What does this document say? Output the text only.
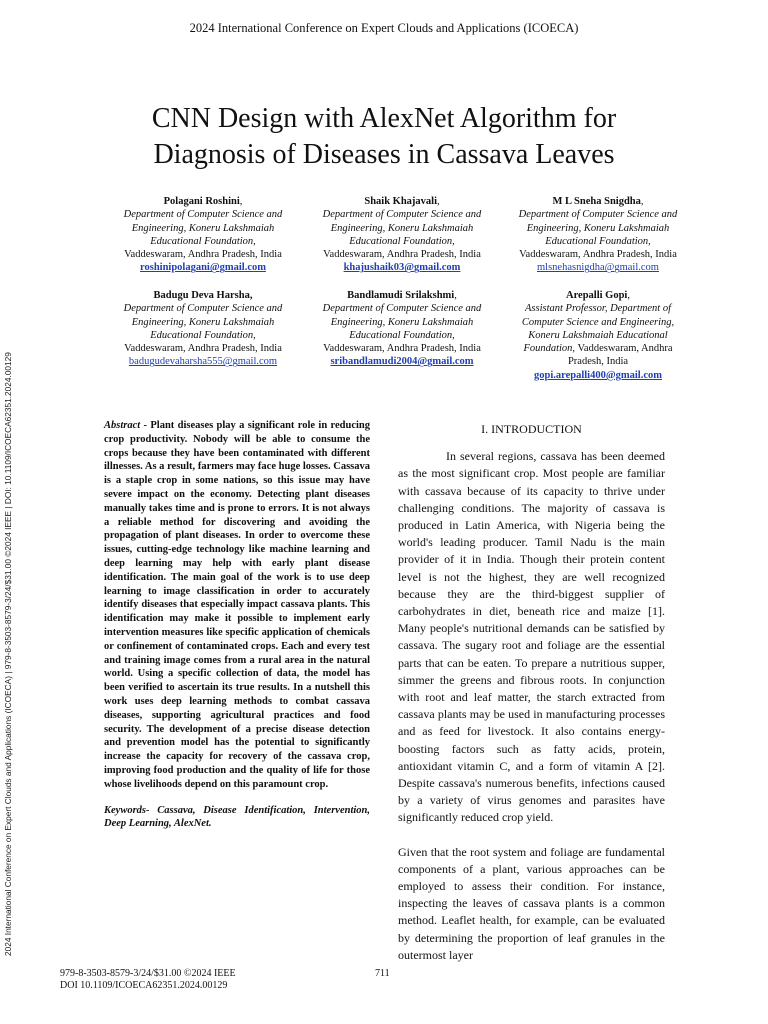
2024 International Conference on Expert Clouds and Applications (ICOECA)
CNN Design with AlexNet Algorithm for
Diagnosis of Diseases in Cassava Leaves
Polagani Roshini,
Department of Computer Science and
Engineering, Koneru Lakshmaiah
Educational Foundation,
Vaddeswaram, Andhra Pradesh, India
roshinipolagani@gmail.com
Shaik Khajavali,
Department of Computer Science and
Engineering, Koneru Lakshmaiah
Educational Foundation,
Vaddeswaram, Andhra Pradesh, India
khajushaik03@gmail.com
M L Sneha Snigdha,
Department of Computer Science and
Engineering, Koneru Lakshmaiah
Educational Foundation,
Vaddeswaram, Andhra Pradesh, India
mlsnehasnigdha@gmail.com
Badugu Deva Harsha,
Department of Computer Science and
Engineering, Koneru Lakshmaiah
Educational Foundation,
Vaddeswaram, Andhra Pradesh, India
badugudevaharsha555@gmail.com
Bandlamudi Srilakshmi,
Department of Computer Science and
Engineering, Koneru Lakshmaiah
Educational Foundation,
Vaddeswaram, Andhra Pradesh, India
sribandlamudi2004@gmail.com
Arepalli Gopi,
Assistant Professor, Department of
Computer Science and Engineering,
Koneru Lakshmaiah Educational
Foundation, Vaddeswaram, Andhra
Pradesh, India
gopi.arepalli400@gmail.com
2024 International Conference on Expert Clouds and Applications (ICOECA) | 979-8-3503-8579-3/24/$31.00 ©2024 IEEE | DOI: 10.1109/ICOECA62351.2024.00129	Abstract - Plant diseases play a significant role in reducing crop productivity. Nobody will be able to consume the crops because they have been contaminated with different illnesses. As a result, farmers may face huge losses. Cassava is a staple crop in some nations, so this issue may have severe impact on the economy. Detecting plant diseases manually takes time and is prone to errors. It is not always a reliable method for discovering and avoiding the propagation of plant diseases. In order to overcome these issues, cutting-edge technology like machine learning and deep learning may help with early plant disease identification. The main goal of the work is to use deep learning to image classification in order to accurately identify diseases that especially impact cassava plants. This identification may make it possible to implement early intervention measures like specific application of chemicals or confinement of contaminated crops. Each and every test and training image comes from a rural area in the natural world. Using a specific collection of data, the model has been verified to ascertain its true results. In a nutshell this work uses deep learning methods to combat cassava diseases, supporting agricultural practices and food security. The development of a precise disease detection and prevention model has the potential to significantly increase the capacity for recovery of the cassava crop, improving food production and the quality of life for those whose livelihoods depend on this paramount crop.
Keywords- Cassava, Disease Identification, Intervention, Deep Learning, AlexNet.
I. INTRODUCTION

In several regions, cassava has been deemed as the most significant crop. Most people are familiar with cassava because of its capacity to thrive under challenging conditions. The majority of cassava is produced in Latin America, with Nigeria being the world's leading producer. Tamil Nadu is the main provider of it in India. Though their protein content level is not the highest, they are well recognized because they are the third-biggest supplier of carbohydrates in diet, beneath rice and maize [1]. Many people's nutritional demands can be satisfied by cassava. The sugary root and foliage are the essential parts that can be eaten. To prepare a nutritious supper, simmer the greens and fibrous roots. In conjunction with root and leaf matter, the starch extracted from cassava plants may be used in manufacturing processes and as feed for livestock. It also contains energy-boosting factors such as fatty acids, protein, antioxidant vitamin C, and a form of vitamin A [2]. Despite cassava's numerous benefits, infections caused by a variety of virus genomes and parasites have significantly reduced crop yield.

Given that the root system and foliage are fundamental components of a plant, various approaches can be employed to assess their condition. For instance, inspecting the leaves of cassava plants is a common method. Leaflet health, for example, can be evaluated by determining the proportion of leaf granules in the outermost layer

979-8-3503-8579-3/24/$31.00 ©2024 IEEE
DOI 10.1109/ICOECA62351.2024.00129
711
